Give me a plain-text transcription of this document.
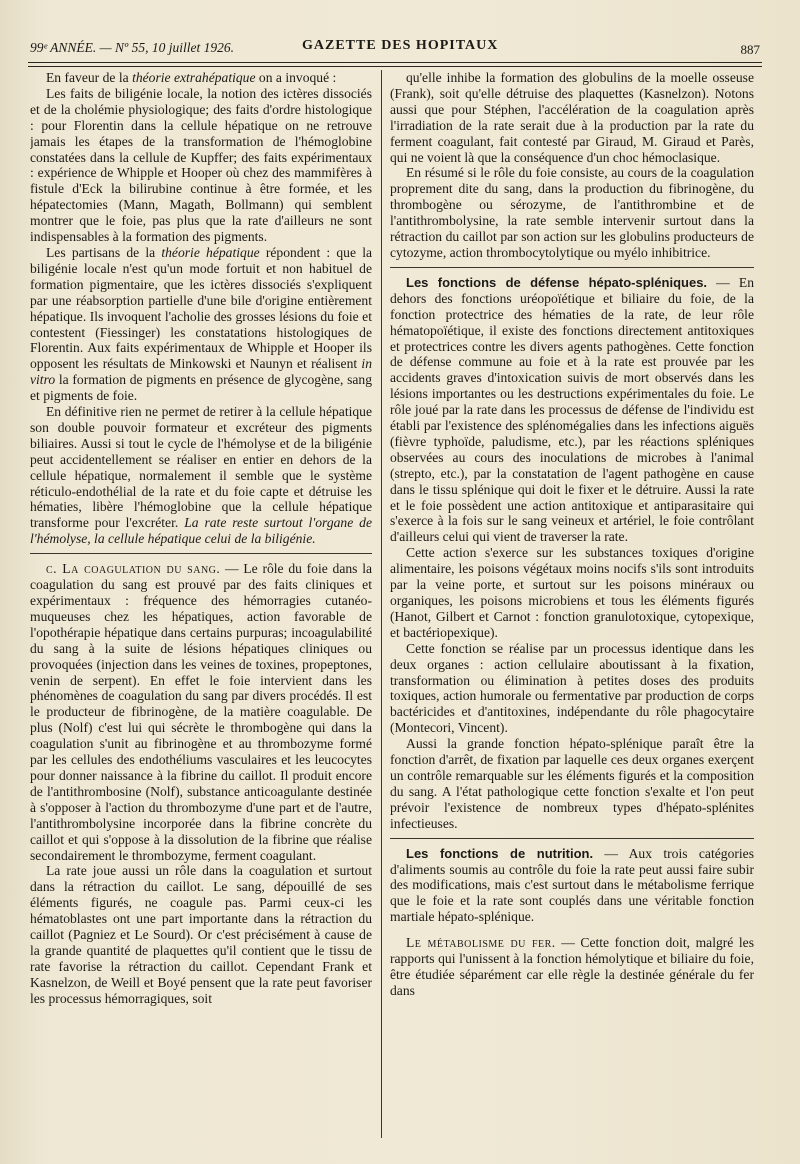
99ᵉ ANNÉE. — Nº 55, 10 juillet 1926.	GAZETTE DES HOPITAUX	887

En faveur de la théorie extrahépatique on a invoqué :

Les faits de biligénie locale, la notion des ictères dissociés et de la cholémie physiologique; des faits d'ordre histologique : pour Florentin dans la cellule hépatique on ne retrouve jamais les étapes de la transformation de l'hémoglobine constatées dans la cellule de Kupffer; des faits expérimentaux : expérience de Whipple et Hooper où chez des mammifères à fistule d'Eck la bilirubine continue à être formée, et les hépatectomies (Mann, Magath, Bollmann) qui semblent montrer que le foie, pas plus que la rate d'ailleurs ne sont indispensables à la formation des pigments.

Les partisans de la théorie hépatique répondent : que la biligénie locale n'est qu'un mode fortuit et non habituel de formation pigmentaire, que les ictères dissociés s'expliquent par une réabsorption partielle d'une bile d'origine entièrement hépatique. Ils invoquent l'acholie des grosses lésions du foie et contestent (Fiessinger) les constatations histologiques de Florentin. Aux faits expérimentaux de Whipple et Hooper ils opposent les résultats de Minkowski et Naunyn et réalisent in vitro la formation de pigments en présence de glycogène, sang et pigments de foie.

En définitive rien ne permet de retirer à la cellule hépatique son double pouvoir formateur et excréteur des pigments biliaires. Aussi si tout le cycle de l'hémolyse et de la biligénie peut accidentellement se réaliser en entier en dehors de la cellule hépatique, normalement il semble que le système réticulo-endothélial de la rate et du foie capte et détruise les hématies, libère l'hémoglobine que la cellule hépatique transforme pour l'excréter. La rate reste surtout l'organe de l'hémolyse, la cellule hépatique celui de la biligénie.

c. La coagulation du sang. — Le rôle du foie dans la coagulation du sang est prouvé par des faits cliniques et expérimentaux : fréquence des hémorragies cutanéo-muqueuses chez les hépatiques, action favorable de l'opothérapie hépatique dans certains purpuras; incoagulabilité du sang à la suite de lésions hépatiques cliniques ou provoquées (injection dans les veines de toxines, propeptones, venin de serpent). En effet le foie intervient dans les phénomènes de coagulation du sang par divers procédés. Il est le producteur de fibrinogène, de la matière coagulable. De plus (Nolf) c'est lui qui sécrète le thrombogène qui dans la coagulation s'unit au fibrinogène et au thrombozyme formé par les cellules des endothéliums vasculaires et les leucocytes pour donner naissance à la fibrine du caillot. Il produit encore de l'antithrombosine (Nolf), substance anticoagulante destinée à s'opposer à l'action du thrombozyme d'une part et de l'autre, l'antithrombolysine incorporée dans la fibrine concrète du caillot et qui s'oppose à la dissolution de la fibrine que réalise secondairement le thrombozyme, ferment coagulant.

La rate joue aussi un rôle dans la coagulation et surtout dans la rétraction du caillot. Le sang, dépouillé de ses éléments figurés, ne coagule pas. Parmi ceux-ci les hématoblastes ont une part importante dans la rétraction du caillot (Pagniez et Le Sourd). Or c'est précisément à cause de la grande quantité de plaquettes qu'il contient que le tissu de rate favorise la rétraction du caillot. Cependant Frank et Kasnelzon, de Weill et Boyé pensent que la rate peut favoriser les processus hémorragiques, soit

qu'elle inhibe la formation des globulins de la moelle osseuse (Frank), soit qu'elle détruise des plaquettes (Kasnelzon). Notons aussi que pour Stéphen, l'accélération de la coagulation après l'irradiation de la rate serait due à la production par la rate du ferment coagulant, fait contesté par Giraud, M. Giraud et Parès, qui ne voient là que la conséquence d'un choc hémoclasique.

En résumé si le rôle du foie consiste, au cours de la coagulation proprement dite du sang, dans la production du fibrinogène, du thrombogène ou sérozyme, de l'antithrombine et de l'antithrombolysine, la rate semble intervenir surtout dans la rétraction du caillot par son action sur les globulins producteurs de cytozyme, action thrombocytolytique ou myélo inhibitrice.

Les fonctions de défense hépato-spléniques. — En dehors des fonctions uréopoïétique et biliaire du foie, de la fonction protectrice des hématies de la rate, de leur rôle hématopoïétique, il existe des fonctions directement antitoxiques et protectrices contre les divers agents pathogènes. Cette fonction de défense commune au foie et à la rate est prouvée par les accidents graves d'intoxication suivis de mort observés dans les lésions importantes ou les destructions expérimentales du foie. Le rôle joué par la rate dans les processus de défense de l'individu est établi par l'existence des splénomégalies dans les infections aiguës (fièvre typhoïde, paludisme, etc.), par les réactions spléniques observées au cours des inoculations de microbes à l'animal (strepto, etc.), par la constatation de l'agent pathogène en cause dans le tissu splénique qui doit le fixer et le détruire. Aussi la rate et le foie possèdent une action antitoxique et antiparasitaire qui s'exerce à la fois sur le sang veineux et artériel, le foie contrôlant d'ailleurs celui qui vient de traverser la rate.

Cette action s'exerce sur les substances toxiques d'origine alimentaire, les poisons végétaux moins nocifs s'ils sont introduits par la veine porte, et surtout sur les poisons minéraux ou organiques, les poisons microbiens et tous les éléments figurés (Hanot, Gilbert et Carnot : fonction granulotoxique, cytopexique, et bactériopexique).

Cette fonction se réalise par un processus identique dans les deux organes : action cellulaire aboutissant à la fixation, transformation ou élimination à petites doses des produits toxiques, action humorale ou fermentative par production de corps bactéricides et d'antitoxines, indépendante du rôle phagocytaire (Montecori, Vincent).

Aussi la grande fonction hépato-splénique paraît être la fonction d'arrêt, de fixation par laquelle ces deux organes exerçent un contrôle remarquable sur les éléments figurés et la composition du sang. A l'état pathologique cette fonction s'exalte et l'on peut prévoir l'existence de nombreux types d'hépato-splénites infectieuses.

Les fonctions de nutrition. — Aux trois catégories d'aliments soumis au contrôle du foie la rate peut aussi faire subir des modifications, mais c'est surtout dans le métabolisme ferrique que le foie et la rate sont couplés dans une véritable fonction martiale hépato-splénique.

Le métabolisme du fer. — Cette fonction doit, malgré les rapports qui l'unissent à la fonction hémolytique et biliaire du foie, être étudiée séparément car elle règle la destinée générale du fer dans
